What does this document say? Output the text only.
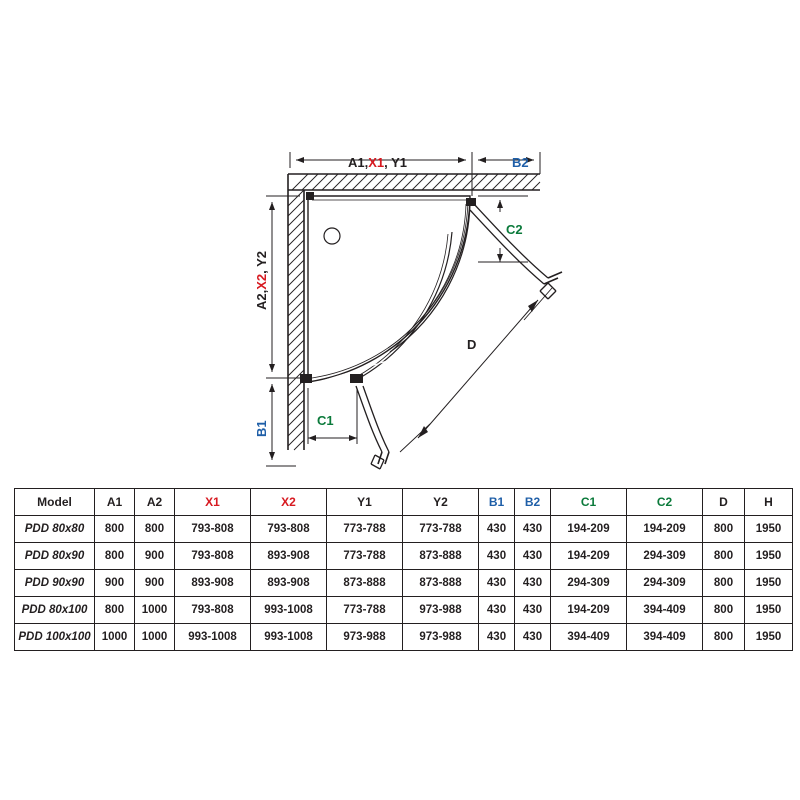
A1,X1, Y1	B2
A2,X2, Y2
B1	C1
C2
D
Model	A1	A2	X1	X2	Y1	Y2	B1	B2	C1	C2	D	H
PDD 80x80	800	800	793-808	793-808	773-788	773-788	430	430	194-209	194-209	800	1950
PDD 80x90	800	900	793-808	893-908	773-788	873-888	430	430	194-209	294-309	800	1950
PDD 90x90	900	900	893-908	893-908	873-888	873-888	430	430	294-309	294-309	800	1950
PDD 80x100	800	1000	793-808	993-1008	773-788	973-988	430	430	194-209	394-409	800	1950
PDD 100x100	1000	1000	993-1008	993-1008	973-988	973-988	430	430	394-409	394-409	800	1950
